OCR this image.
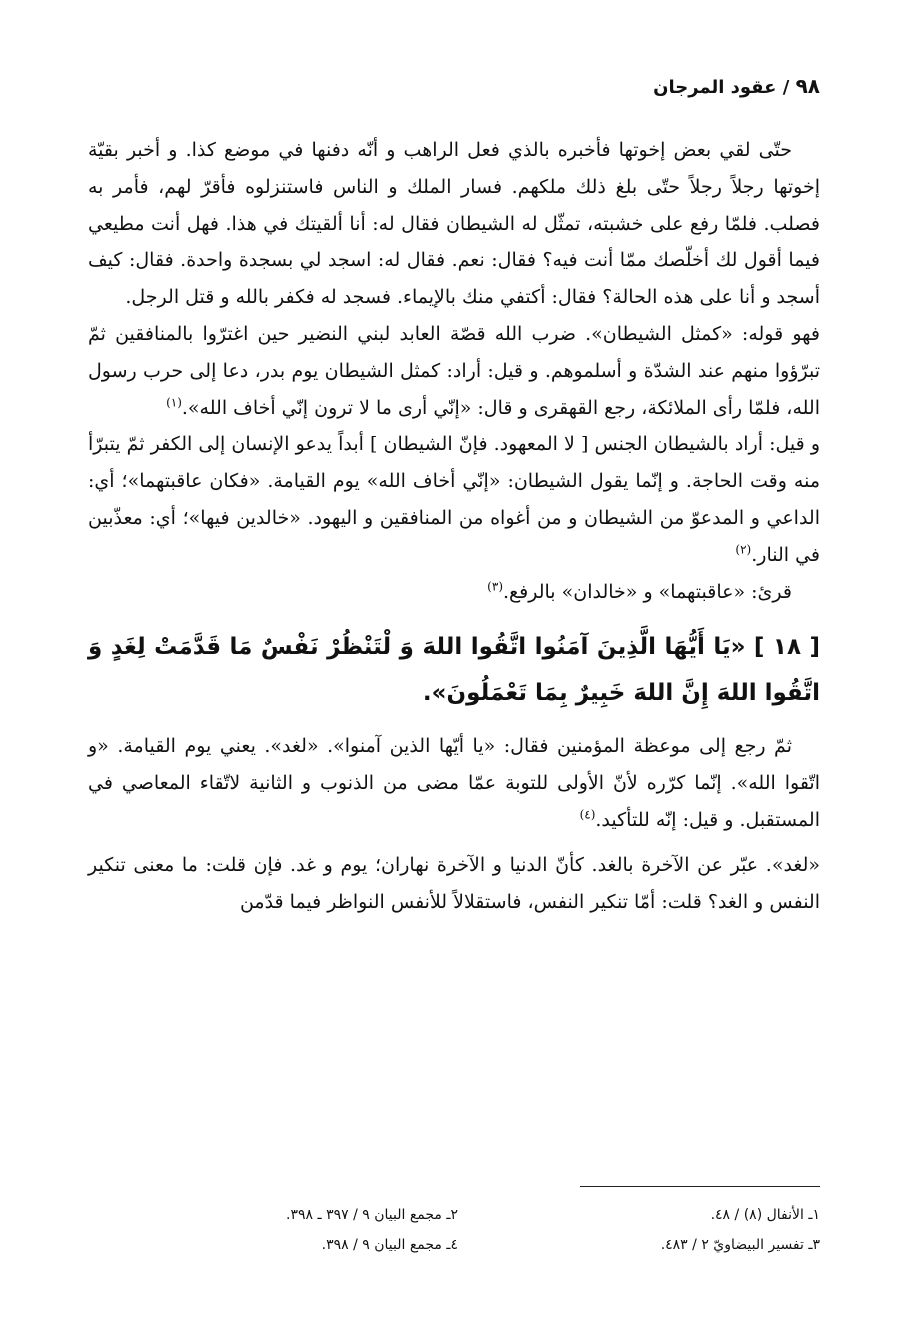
٩٨ / عقود المرجان

حتّى لقي بعض إخوتها فأخبره بالذي فعل الراهب و أنّه دفنها في موضع كذا. و أخبر بقيّة إخوتها رجلاً رجلاً حتّى بلغ ذلك ملكهم. فسار الملك و الناس فاستنزلوه فأقرّ لهم، فأمر به فصلب. فلمّا رفع على خشبته، تمثّل له الشيطان فقال له: أنا ألقيتك في هذا. فهل أنت مطيعي فيما أقول لك أخلّصك ممّا أنت فيه؟ فقال: نعم. فقال له: اسجد لي بسجدة واحدة. فقال: كيف أسجد و أنا على هذه الحالة؟ فقال: أكتفي منك بالإيماء. فسجد له فكفر بالله و قتل الرجل.

فهو قوله: «كمثل الشيطان». ضرب الله قصّة العابد لبني النضير حين اغترّوا بالمنافقين ثمّ تبرّؤوا منهم عند الشدّة و أسلموهم. و قيل: أراد: كمثل الشيطان يوم بدر، دعا إلى حرب رسول الله، فلمّا رأى الملائكة، رجع القهقرى و قال: «إنّي أرى ما لا ترون إنّي أخاف الله».$^{(١)}$

و قيل: أراد بالشيطان الجنس [ لا المعهود. فإنّ الشيطان ] أبداً يدعو الإنسان إلى الكفر ثمّ يتبرّأ منه وقت الحاجة. و إنّما يقول الشيطان: «إنّي أخاف الله» يوم القيامة. «فكان عاقبتهما»؛ أي: الداعي و المدعوّ من الشيطان و من أغواه من المنافقين و اليهود. «خالدين فيها»؛ أي: معذّبين في النار.$^{(٢)}$

قرئ: «عاقبتهما» و «خالدان» بالرفع.$^{(٣)}$

[ ١٨ ] «يَا أَيُّهَا الَّذِينَ آمَنُوا اتَّقُوا اللهَ وَ لْتَنْظُرْ نَفْسٌ مَا قَدَّمَتْ لِغَدٍ وَ اتَّقُوا اللهَ إِنَّ اللهَ خَبِيرٌ بِمَا تَعْمَلُونَ».

ثمّ رجع إلى موعظة المؤمنين فقال: «يا أيّها الذين آمنوا». «لغد». يعني يوم القيامة. «و اتّقوا الله». إنّما كرّره لأنّ الأولى للتوبة عمّا مضى من الذنوب و الثانية لاتّقاء المعاصي في المستقبل. و قيل: إنّه للتأكيد.$^{(٤)}$

«لغد». عبّر عن الآخرة بالغد. كأنّ الدنيا و الآخرة نهاران؛ يوم و غد. فإن قلت: ما معنى تنكير النفس و الغد؟ قلت: أمّا تنكير النفس، فاستقلالاً للأنفس النواظر فيما قدّمن

١ـ الأنفال (٨) / ٤٨.
٢ـ مجمع البيان ٩ / ٣٩٧ ـ ٣٩٨.
٣ـ تفسير البيضاويّ ٢ / ٤٨٣.
٤ـ مجمع البيان ٩ / ٣٩٨.
